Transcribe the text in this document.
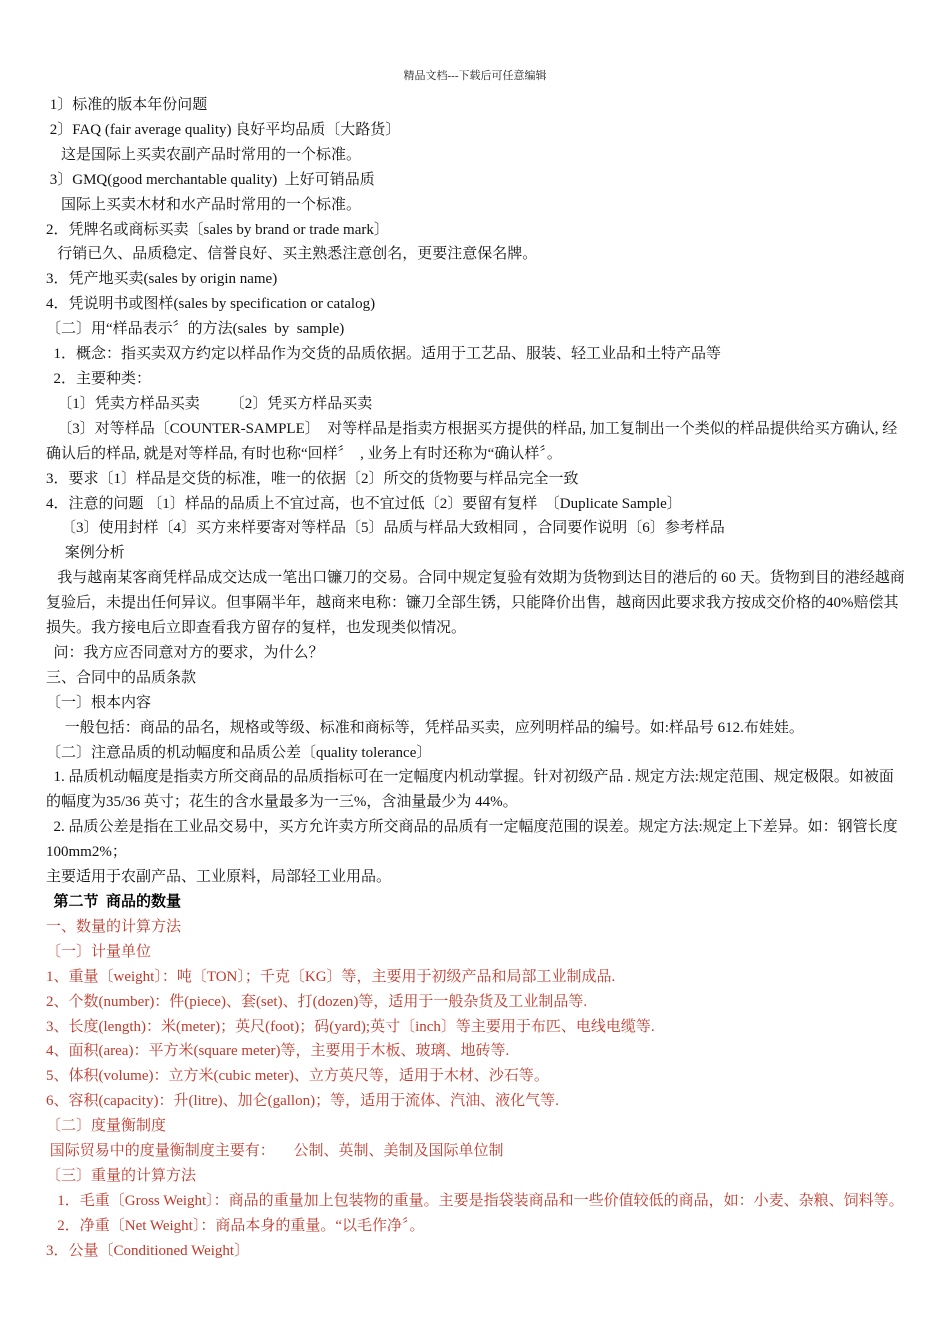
精品文档---下载后可任意编辑
1〕标准的版本年份问题
2〕FAQ (fair average quality) 良好平均品质〔大路货〕
这是国际上买卖农副产品时常用的一个标准。
3〕GMQ(good merchantable quality)  上好可销品质
国际上买卖木材和水产品时常用的一个标准。
2．凭牌名或商标买卖〔sales by brand or trade mark〕
行销已久、品质稳定、信誉良好、买主熟悉注意创名，更要注意保名牌。
3．凭产地买卖(sales by origin name)
4．凭说明书或图样(sales by specification or catalog)
〔二〕用“样品表示〞的方法(sales  by  sample)
1．概念：指买卖双方约定以样品作为交货的品质依据。适用于工艺品、服装、轻工业品和土特产品等
2．主要种类：
〔1〕凭卖方样品买卖        〔2〕凭买方样品买卖
〔3〕对等样品〔COUNTER-SAMPLE〕  对等样品是指卖方根据买方提供的样品, 加工复制出一个类似的样品提供给买方确认, 经确认后的样品, 就是对等样品, 有时也称“回样〞  , 业务上有时还称为“确认样〞。
3．要求〔1〕样品是交货的标准，唯一的依据〔2〕所交的货物要与样品完全一致
4．注意的问题 〔1〕样品的品质上不宜过高，也不宜过低〔2〕要留有复样  〔Duplicate Sample〕
〔3〕使用封样〔4〕买方来样要寄对等样品〔5〕品质与样品大致相同 ，合同要作说明〔6〕参考样品
案例分析
我与越南某客商凭样品成交达成一笔出口镰刀的交易。合同中规定复验有效期为货物到达目的港后的 60 天。货物到目的港经越商复验后，未提出任何异议。但事隔半年，越商来电称：镰刀全部生锈，只能降价出售，越商因此要求我方按成交价格的40%赔偿其损失。我方接电后立即查看我方留存的复样，也发现类似情况。
问：我方应否同意对方的要求，为什么？
三、合同中的品质条款
〔一〕根本内容
一般包括：商品的品名，规格或等级、标准和商标等，凭样品买卖，应列明样品的编号。如:样品号 612.布娃娃。
〔二〕注意品质的机动幅度和品质公差〔quality tolerance〕
1. 品质机动幅度是指卖方所交商品的品质指标可在一定幅度内机动掌握。针对初级产品 . 规定方法:规定范围、规定极限。如被面的幅度为35/36 英寸；花生的含水量最多为一三%，含油量最少为 44%。
2. 品质公差是指在工业品交易中，买方允许卖方所交商品的品质有一定幅度范围的误差。规定方法:规定上下差异。如：钢管长度 100mm2%；
主要适用于农副产品、工业原料，局部轻工业用品。
第二节  商品的数量
一、数量的计算方法
〔一〕计量单位
1、重量〔weight〕：吨〔TON〕；千克〔KG〕等，主要用于初级产品和局部工业制成品.
2、个数(number)：件(piece)、套(set)、打(dozen)等，适用于一般杂货及工业制品等.
3、长度(length)：米(meter)；英尺(foot)；码(yard);英寸〔inch〕等主要用于布匹、电线电缆等.
4、面积(area)：平方米(square meter)等，主要用于木板、玻璃、地砖等.
5、体积(volume)：立方米(cubic meter)、立方英尺等，适用于木材、沙石等。
6、容积(capacity)：升(litre)、加仑(gallon)；等，适用于流体、汽油、液化气等.
〔二〕度量衡制度
国际贸易中的度量衡制度主要有：     公制、英制、美制及国际单位制
〔三〕重量的计算方法
1．毛重〔Gross Weight〕：商品的重量加上包装物的重量。主要是指袋装商品和一些价值较低的商品，如：小麦、杂粮、饲料等。
2．净重〔Net Weight〕：商品本身的重量。“以毛作净〞。
3．公量〔Conditioned Weight〕
